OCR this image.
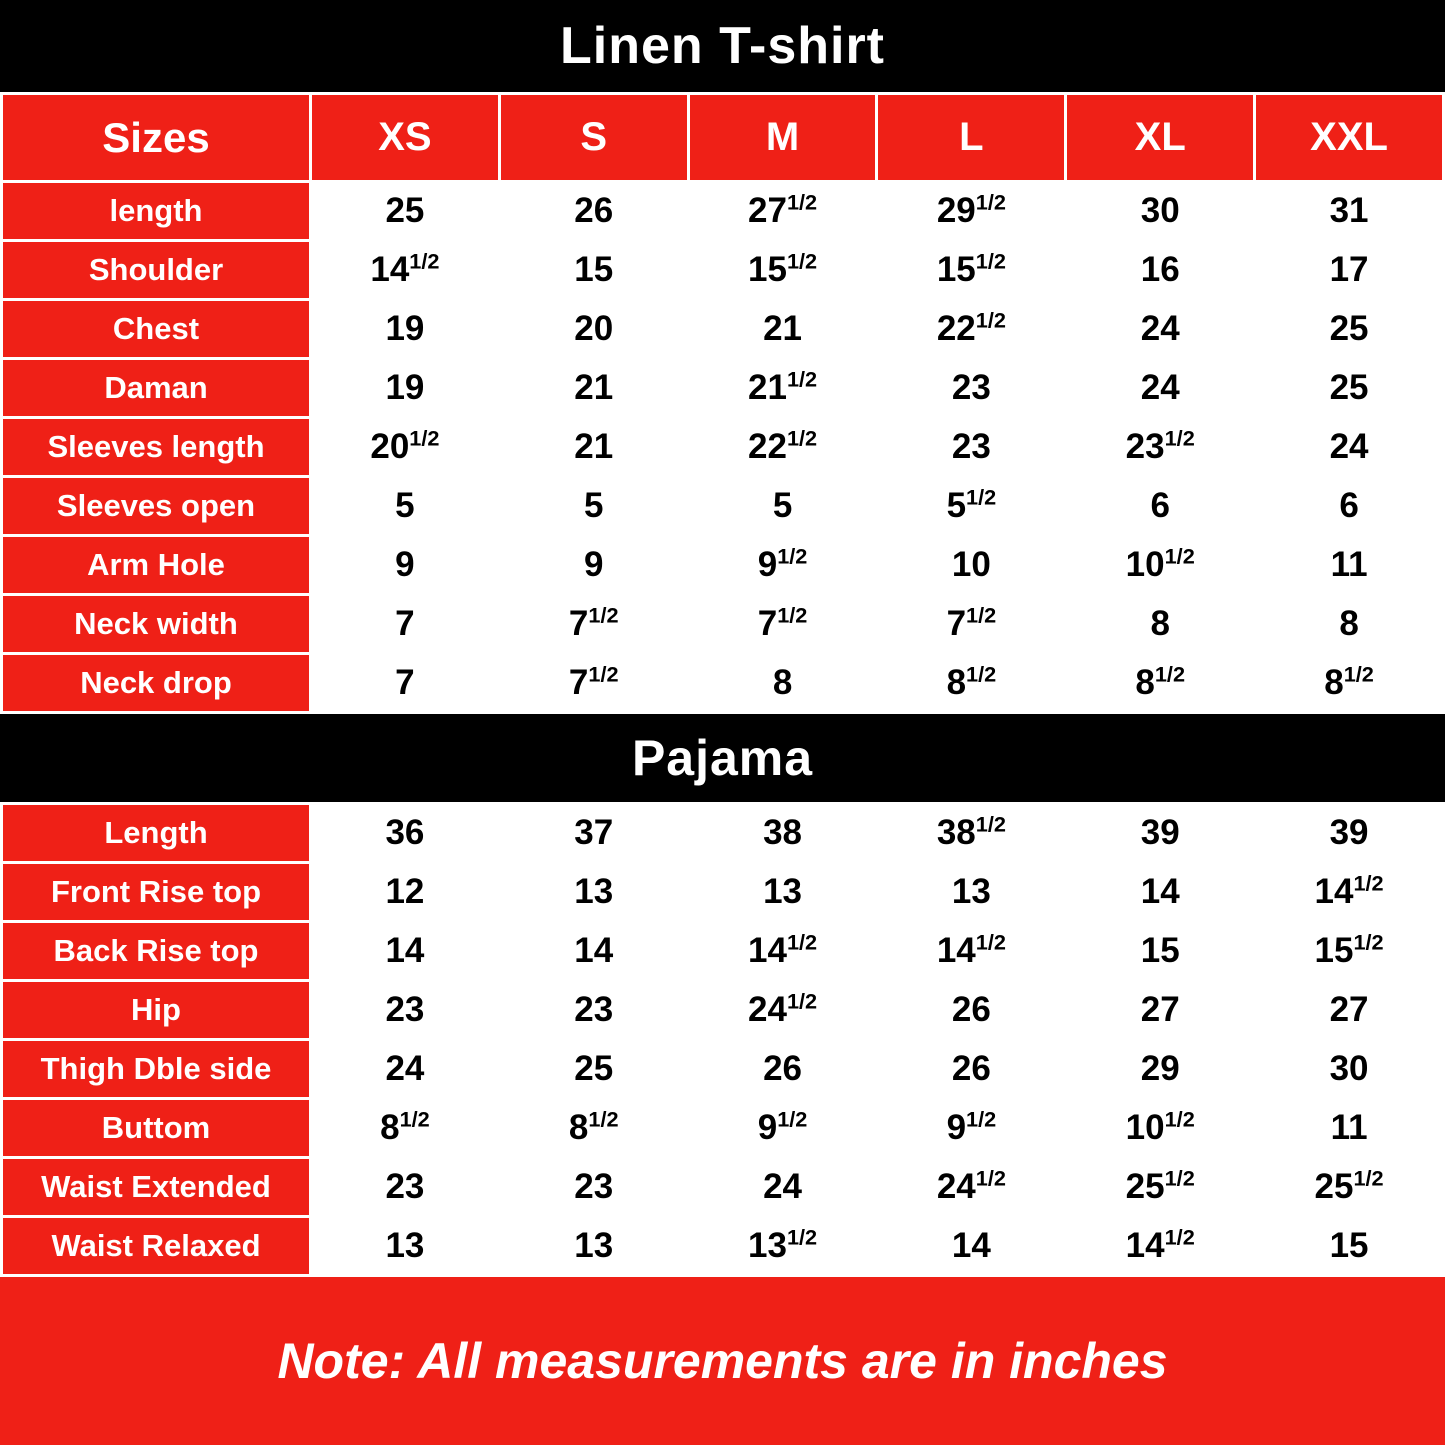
Linen T-shirt
Sizes	XS	S	M	L	XL	XXL
length	25	26	$27^{1/2}$	$29^{1/2}$	30	31
Shoulder	$14^{1/2}$	15	$15^{1/2}$	$15^{1/2}$	16	17
Chest	19	20	21	$22^{1/2}$	24	25
Daman	19	21	$21^{1/2}$	23	24	25
Sleeves length	$20^{1/2}$	21	$22^{1/2}$	23	$23^{1/2}$	24
Sleeves open	5	5	5	$5^{1/2}$	6	6
Arm Hole	9	9	$9^{1/2}$	10	$10^{1/2}$	11
Neck width	7	$7^{1/2}$	$7^{1/2}$	$7^{1/2}$	8	8
Neck drop	7	$7^{1/2}$	8	$8^{1/2}$	$8^{1/2}$	$8^{1/2}$
Pajama
Length	36	37	38	$38^{1/2}$	39	39
Front Rise top	12	13	13	13	14	$14^{1/2}$
Back Rise top	14	14	$14^{1/2}$	$14^{1/2}$	15	$15^{1/2}$
Hip	23	23	$24^{1/2}$	26	27	27
Thigh Dble side	24	25	26	26	29	30
Buttom	$8^{1/2}$	$8^{1/2}$	$9^{1/2}$	$9^{1/2}$	$10^{1/2}$	11
Waist Extended	23	23	24	$24^{1/2}$	$25^{1/2}$	$25^{1/2}$
Waist Relaxed	13	13	$13^{1/2}$	14	$14^{1/2}$	15
Note: All measurements are in inches
